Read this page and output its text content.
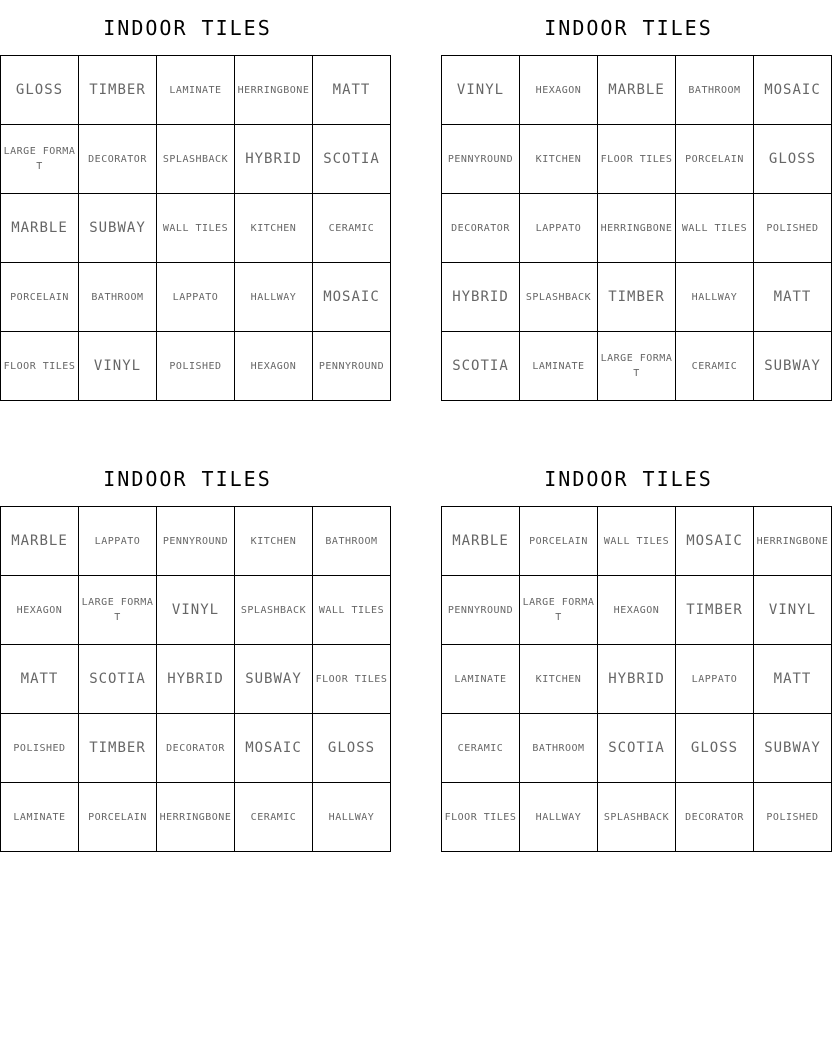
INDOOR TILES
GLOSS	TIMBER	LAMINATE	HERRINGBONE	MATT
LARGE FORMAT	DECORATOR	SPLASHBACK	HYBRID	SCOTIA
MARBLE	SUBWAY	WALL TILES	KITCHEN	CERAMIC
PORCELAIN	BATHROOM	LAPPATO	HALLWAY	MOSAIC
FLOOR TILES	VINYL	POLISHED	HEXAGON	PENNYROUND
INDOOR TILES
VINYL	HEXAGON	MARBLE	BATHROOM	MOSAIC
PENNYROUND	KITCHEN	FLOOR TILES	PORCELAIN	GLOSS
DECORATOR	LAPPATO	HERRINGBONE	WALL TILES	POLISHED
HYBRID	SPLASHBACK	TIMBER	HALLWAY	MATT
SCOTIA	LAMINATE	LARGE FORMAT	CERAMIC	SUBWAY
INDOOR TILES
MARBLE	LAPPATO	PENNYROUND	KITCHEN	BATHROOM
HEXAGON	LARGE FORMAT	VINYL	SPLASHBACK	WALL TILES
MATT	SCOTIA	HYBRID	SUBWAY	FLOOR TILES
POLISHED	TIMBER	DECORATOR	MOSAIC	GLOSS
LAMINATE	PORCELAIN	HERRINGBONE	CERAMIC	HALLWAY
INDOOR TILES
MARBLE	PORCELAIN	WALL TILES	MOSAIC	HERRINGBONE
PENNYROUND	LARGE FORMAT	HEXAGON	TIMBER	VINYL
LAMINATE	KITCHEN	HYBRID	LAPPATO	MATT
CERAMIC	BATHROOM	SCOTIA	GLOSS	SUBWAY
FLOOR TILES	HALLWAY	SPLASHBACK	DECORATOR	POLISHED
